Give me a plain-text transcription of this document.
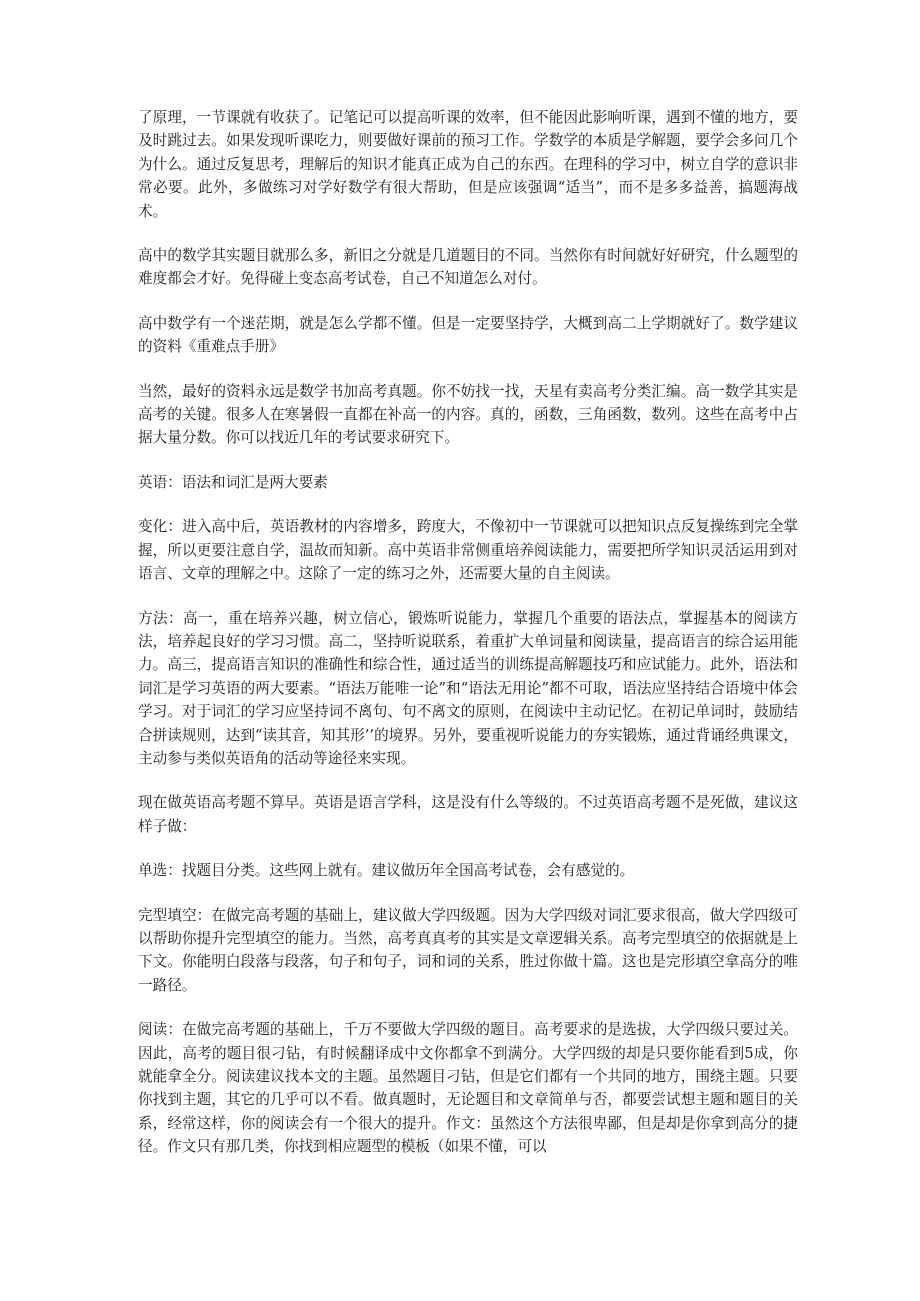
了原理，一节课就有收获了。记笔记可以提高听课的效率，但不能因此影响听课，遇到不懂的地方，要及时跳过去。如果发现听课吃力，则要做好课前的预习工作。学数学的本质是学解题，要学会多问几个为什么。通过反复思考，理解后的知识才能真正成为自己的东西。在理科的学习中，树立自学的意识非常必要。此外，多做练习对学好数学有很大帮助，但是应该强调“适当”，而不是多多益善，搞题海战术。

高中的数学其实题目就那么多，新旧之分就是几道题目的不同。当然你有时间就好好研究，什么题型的难度都会才好。免得碰上变态高考试卷，自己不知道怎么对付。

高中数学有一个迷茫期，就是怎么学都不懂。但是一定要坚持学，大概到高二上学期就好了。数学建议的资料《重难点手册》

当然，最好的资料永远是数学书加高考真题。你不妨找一找，天星有卖高考分类汇编。高一数学其实是高考的关键。很多人在寒暑假一直都在补高一的内容。真的，函数，三角函数，数列。这些在高考中占据大量分数。你可以找近几年的考试要求研究下。

英语：语法和词汇是两大要素

变化：进入高中后，英语教材的内容增多，跨度大，不像初中一节课就可以把知识点反复操练到完全掌握，所以更要注意自学，温故而知新。高中英语非常侧重培养阅读能力，需要把所学知识灵活运用到对语言、文章的理解之中。这除了一定的练习之外，还需要大量的自主阅读。

方法：高一，重在培养兴趣，树立信心，锻炼听说能力，掌握几个重要的语法点，掌握基本的阅读方法，培养起良好的学习习惯。高二，坚持听说联系，着重扩大单词量和阅读量，提高语言的综合运用能力。高三，提高语言知识的准确性和综合性，通过适当的训练提高解题技巧和应试能力。此外，语法和词汇是学习英语的两大要素。“语法万能唯一论”和“语法无用论”都不可取，语法应坚持结合语境中体会学习。对于词汇的学习应坚持词不离句、句不离文的原则，在阅读中主动记忆。在初记单词时，鼓励结合拼读规则，达到“读其音，知其形’’的境界。另外，要重视听说能力的夯实锻炼，通过背诵经典课文，主动参与类似英语角的活动等途径来实现。

现在做英语高考题不算早。英语是语言学科，这是没有什么等级的。不过英语高考题不是死做，建议这样子做：

单选：找题目分类。这些网上就有。建议做历年全国高考试卷，会有感觉的。

完型填空：在做完高考题的基础上，建议做大学四级题。因为大学四级对词汇要求很高，做大学四级可以帮助你提升完型填空的能力。当然，高考真真考的其实是文章逻辑关系。高考完型填空的依据就是上下文。你能明白段落与段落，句子和句子，词和词的关系，胜过你做十篇。这也是完形填空拿高分的唯一路径。

阅读：在做完高考题的基础上，千万不要做大学四级的题目。高考要求的是选拔，大学四级只要过关。因此，高考的题目很刁钻，有时候翻译成中文你都拿不到满分。大学四级的却是只要你能看到5成，你就能拿全分。阅读建议找本文的主题。虽然题目刁钻，但是它们都有一个共同的地方，围绕主题。只要你找到主题，其它的几乎可以不看。做真题时，无论题目和文章简单与否，都要尝试想主题和题目的关系，经常这样，你的阅读会有一个很大的提升。作文：虽然这个方法很卑鄙，但是却是你拿到高分的捷径。作文只有那几类，你找到相应题型的模板（如果不懂，可以
